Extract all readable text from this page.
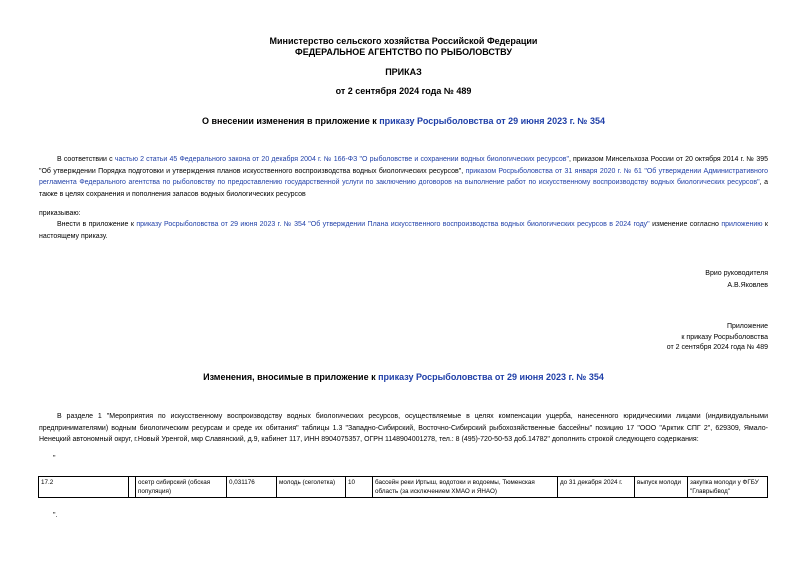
Министерство сельского хозяйства Российской Федерации
ФЕДЕРАЛЬНОЕ АГЕНТСТВО ПО РЫБОЛОВСТВУ
ПРИКАЗ
от 2 сентября 2024 года № 489
О внесении изменения в приложение к приказу Росрыболовства от 29 июня 2023 г. № 354
В соответствии с частью 2 статьи 45 Федерального закона от 20 декабря 2004 г. № 166-ФЗ "О рыболовстве и сохранении водных биологических ресурсов", приказом Минсельхоза России от 20 октября 2014 г. № 395 "Об утверждении Порядка подготовки и утверждения планов искусственного воспроизводства водных биологических ресурсов", приказом Росрыболовства от 31 января 2020 г. № 61 "Об утверждении Административного регламента Федерального агентства по рыболовству по предоставлению государственной услуги по заключению договоров на выполнение работ по искусственному воспроизводству водных биологических ресурсов", а также в целях сохранения и пополнения запасов водных биологических ресурсов
приказываю:
Внести в приложение к приказу Росрыболовства от 29 июня 2023 г. № 354 "Об утверждении Плана искусственного воспроизводства водных биологических ресурсов в 2024 году" изменение согласно приложению к настоящему приказу.
Врио руководителя
А.В.Яковлев
Приложение
к приказу Росрыболовства
от 2 сентября 2024 года № 489
Изменения, вносимые в приложение к приказу Росрыболовства от 29 июня 2023 г. № 354
В разделе 1 "Мероприятия по искусственному воспроизводству водных биологических ресурсов, осуществляемые в целях компенсации ущерба, нанесенного юридическими лицами (индивидуальными предпринимателями) водным биологическим ресурсам и среде их обитания" таблицы 1.3 "Западно-Сибирский, Восточно-Сибирский рыбохозяйственные бассейны" позицию 17 "ООО "Арктик СПГ 2", 629309, Ямало-Ненецкий автономный округ, г.Новый Уренгой, мкр Славянский, д.9, кабинет 117, ИНН 8904075357, ОГРН 1148904001278, тел.: 8 (495)-720-50-53 доб.14782" дополнить строкой следующего содержания:
"
17.2		осетр сибирский (обская популяция)	0,031176	молодь (сеголетка)	10	бассейн реки Иртыш, водотоки и водоемы, Тюменская область (за исключением ХМАО и ЯНАО)	до 31 декабря 2024 г.	выпуск молоди	закупка молоди у ФГБУ "Главрыбвод"
".
